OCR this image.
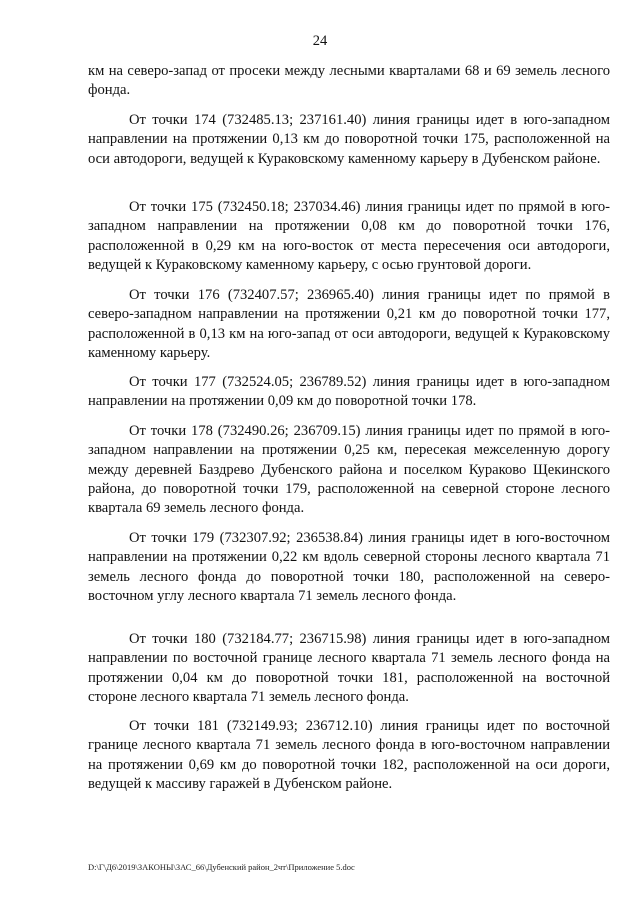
24

км на северо-запад от просеки между лесными кварталами 68 и 69 земель лесного фонда.

От точки 174 (732485.13; 237161.40) линия границы идет в юго-западном направлении на протяжении 0,13 км до поворотной точки 175, расположенной на оси автодороги, ведущей к Кураковскому каменному карьеру в Дубенском районе.

От точки 175 (732450.18; 237034.46) линия границы идет по прямой в юго-западном направлении на протяжении 0,08 км до поворотной точки 176, расположенной в 0,29 км на юго-восток от места пересечения оси автодороги, ведущей к Кураковскому каменному карьеру, с осью грунтовой дороги.

От точки 176 (732407.57; 236965.40) линия границы идет по прямой в северо-западном направлении на протяжении 0,21 км до поворотной точки 177, расположенной в 0,13 км на юго-запад от оси автодороги, ведущей к Кураковскому каменному карьеру.

От точки 177 (732524.05; 236789.52) линия границы идет в юго-западном направлении на протяжении 0,09 км до поворотной точки 178.

От точки 178 (732490.26; 236709.15) линия границы идет по прямой в юго-западном направлении на протяжении 0,25 км, пересекая межселенную дорогу между деревней Баздрево Дубенского района и поселком Кураково Щекинского района, до поворотной точки 179, расположенной на северной стороне лесного квартала 69 земель лесного фонда.

От точки 179 (732307.92; 236538.84) линия границы идет в юго-восточном направлении на протяжении 0,22 км вдоль северной стороны лесного квартала 71 земель лесного фонда до поворотной точки 180, расположенной на северо-восточном углу лесного квартала 71 земель лесного фонда.

От точки 180 (732184.77; 236715.98) линия границы идет в юго-западном направлении по восточной границе лесного квартала 71 земель лесного фонда на протяжении 0,04 км до поворотной точки 181, расположенной на восточной стороне лесного квартала 71 земель лесного фонда.

От точки 181 (732149.93; 236712.10) линия границы идет по восточной границе лесного квартала 71 земель лесного фонда в юго-восточном направлении на протяжении 0,69 км до поворотной точки 182, расположенной на оси дороги, ведущей к массиву гаражей в Дубенском районе.

D:\Г\Д6\2019\ЗАКОНЫ\ЗАС_66\Дубенский район_2чт\Приложение 5.doc
